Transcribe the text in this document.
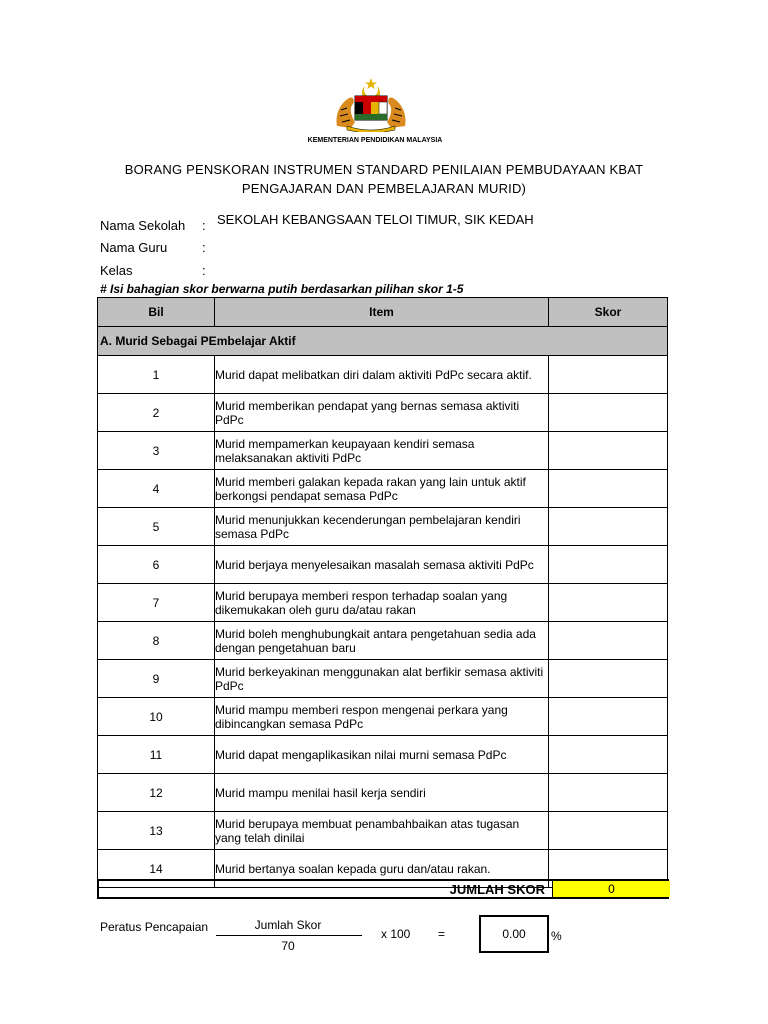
KEMENTERIAN PENDIDIKAN MALAYSIA
BORANG PENSKORAN INSTRUMEN STANDARD PENILAIAN PEMBUDAYAAN KBAT
PENGAJARAN DAN PEMBELAJARAN MURID)
Nama Sekolah : SEKOLAH KEBANGSAAN TELOI TIMUR, SIK KEDAH
Nama Guru	:
Kelas	:
# Isi bahagian skor berwarna putih berdasarkan pilihan skor 1-5
Bil	Item	Skor
A. Murid Sebagai PEmbelajar Aktif		
1	Murid dapat melibatkan diri dalam aktiviti PdPc secara aktif.	
2	Murid memberikan pendapat yang bernas semasa aktiviti PdPc	
3	Murid mempamerkan keupayaan kendiri semasa melaksanakan aktiviti PdPc	
4	Murid memberi galakan kepada rakan yang lain untuk aktif berkongsi pendapat semasa PdPc	
5	Murid menunjukkan kecenderungan pembelajaran kendiri semasa PdPc	
6	Murid berjaya menyelesaikan masalah semasa aktiviti PdPc	
7	Murid berupaya memberi respon terhadap soalan yang dikemukakan oleh guru da/atau rakan	
8	Murid boleh menghubungkait antara pengetahuan sedia ada dengan pengetahuan baru	
9	Murid berkeyakinan menggunakan alat berfikir semasa aktiviti PdPc	
10	Murid mampu memberi respon mengenai perkara yang dibincangkan semasa PdPc	
11	Murid dapat mengaplikasikan nilai murni semasa PdPc	
12	Murid mampu menilai hasil kerja sendiri	
13	Murid berupaya membuat penambahbaikan atas tugasan yang telah dinilai	
14	Murid bertanya soalan kepada guru dan/atau rakan.	
JUMLAH SKOR	0
Peratus Pencapaian	Jumlah Skor
70
x 100 =	0.00	%
